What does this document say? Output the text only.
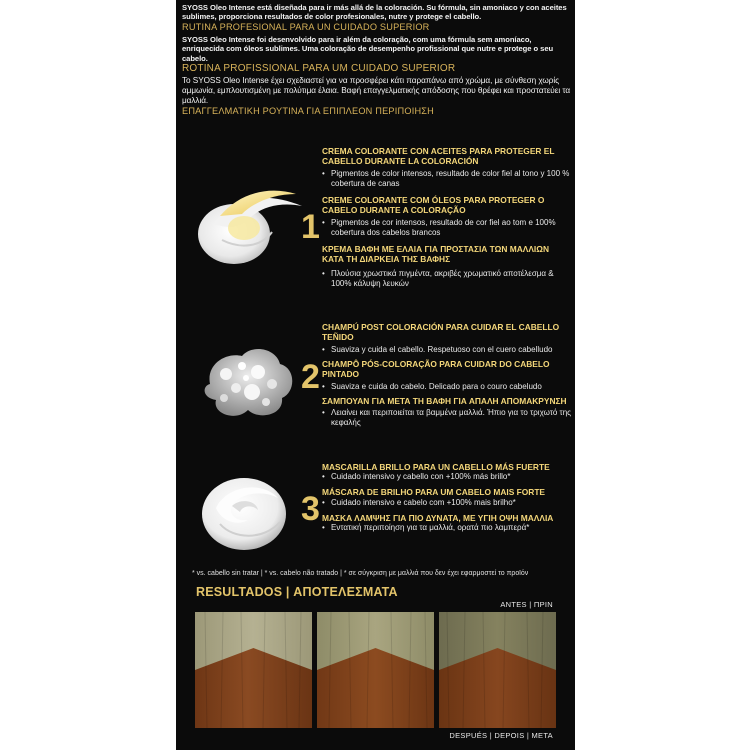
SYOSS Oleo Intense está diseñada para ir más allá de la coloración. Su fórmula, sin amoniaco y con aceites sublimes, proporciona resultados de color profesionales, nutre y protege el cabello.

RUTINA PROFESIONAL PARA UN CUIDADO SUPERIOR

SYOSS Oleo Intense foi desenvolvido para ir além da coloração, com uma fórmula sem amoníaco, enriquecida com óleos sublimes. Uma coloração de desempenho profissional que nutre e protege o seu cabelo.

ROTINA PROFISSIONAL PARA UM CUIDADO SUPERIOR

Το SYOSS Oleo Intense έχει σχεδιαστεί για να προσφέρει κάτι παραπάνω από χρώμα, με σύνθεση χωρίς αμμωνία, εμπλουτισμένη με πολύτιμα έλαια. Βαφή επαγγελματικής απόδοσης που θρέφει και προστατεύει τα μαλλιά.

ΕΠΑΓΓΕΛΜΑΤΙΚΗ ΡΟΥΤΙΝΑ ΓΙΑ ΕΠΙΠΛΕΟΝ ΠΕΡΙΠΟΙΗΣΗ

1
CREMA COLORANTE CON ACEITES PARA PROTEGER EL CABELLO DURANTE LA COLORACIÓN
• Pigmentos de color intensos, resultado de color fiel al tono y 100 % cobertura de canas
CREME COLORANTE COM ÓLEOS PARA PROTEGER O CABELO DURANTE A COLORAÇÃO
• Pigmentos de cor intensos, resultado de cor fiel ao tom e 100% cobertura dos cabelos brancos
ΚΡΕΜΑ ΒΑΦΗ ΜΕ ΕΛΑΙΑ ΓΙΑ ΠΡΟΣΤΑΣΙΑ ΤΩΝ ΜΑΛΛΙΩΝ ΚΑΤΑ ΤΗ ΔΙΑΡΚΕΙΑ ΤΗΣ ΒΑΦΗΣ
• Πλούσια χρωστικά πιγμέντα, ακριβές χρωματικό αποτέλεσμα & 100% κάλυψη λευκών
2
CHAMPÚ POST COLORACIÓN PARA CUIDAR EL CABELLO TEÑIDO
• Suaviza y cuida el cabello. Respetuoso con el cuero cabelludo
CHAMPÔ PÓS-COLORAÇÃO PARA CUIDAR DO CABELO PINTADO
• Suaviza e cuida do cabelo. Delicado para o couro cabeludo
ΣΑΜΠΟΥΑΝ ΓΙΑ ΜΕΤΑ ΤΗ ΒΑΦΗ ΓΙΑ ΑΠΑΛΗ ΑΠΟΜΑΚΡΥΝΣΗ
• Λειαίνει και περιποιείται τα βαμμένα μαλλιά. Ήπιο για το τριχωτό της κεφαλής
3
MASCARILLA BRILLO PARA UN CABELLO MÁS FUERTE
• Cuidado intensivo y cabello con +100% más brillo*
MÁSCARA DE BRILHO PARA UM CABELO MAIS FORTE
• Cuidado intensivo e cabelo com +100% mais brilho*
ΜΑΣΚΑ ΛΑΜΨΗΣ ΓΙΑ ΠΙΟ ΔΥΝΑΤΑ, ΜΕ ΥΓΙΗ ΟΨΗ ΜΑΛΛΙΑ
• Εντατική περιποίηση για τα μαλλιά, ορατά πιο λαμπερά*
* vs. cabello sin tratar | * vs. cabelo não tratado | * σε σύγκριση με μαλλιά που δεν έχει εφαρμοστεί το προϊόν
RESULTADOS | ΑΠΟΤΕΛΕΣΜΑΤΑ
ANTES | ΠΡΙΝ
DESPUÉS | DEPOIS | ΜΕΤΑ
